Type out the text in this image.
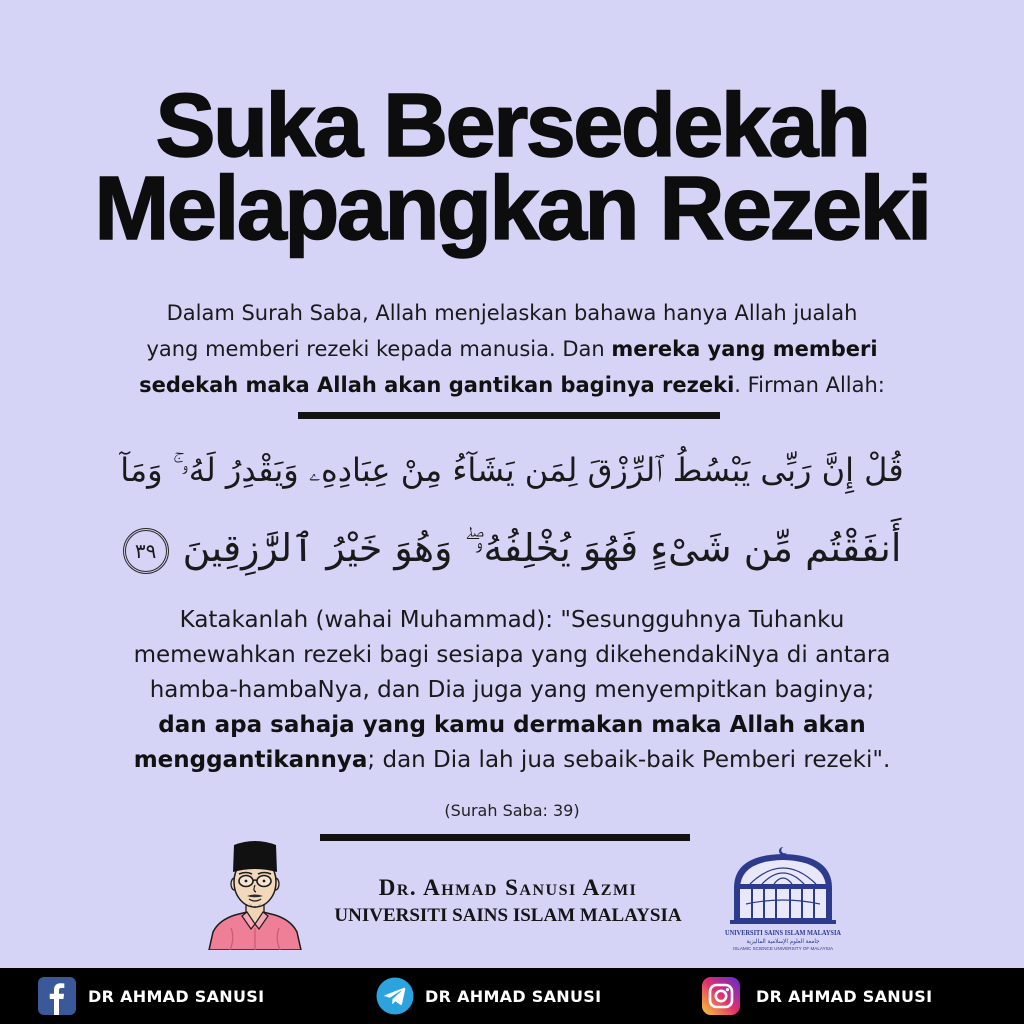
Suka Bersedekah
Melapangkan Rezeki
Dalam Surah Saba, Allah menjelaskan bahawa hanya Allah jualah
yang memberi rezeki kepada manusia. Dan mereka yang memberi
sedekah maka Allah akan gantikan baginya rezeki. Firman Allah:
قُلْ إِنَّ رَبِّى يَبْسُطُ ٱلرِّزْقَ لِمَن يَشَآءُ مِنْ عِبَادِهِۦ وَيَقْدِرُ لَهُۥ ۚ وَمَآ
أَنفَقْتُم مِّن شَىْءٍ فَهُوَ يُخْلِفُهُۥ ۖ وَهُوَ خَيْرُ ٱلرَّٰزِقِينَ٣٩
Katakanlah (wahai Muhammad): "Sesungguhnya Tuhanku
memewahkan rezeki bagi sesiapa yang dikehendakiNya di antara
hamba-hambaNya, dan Dia juga yang menyempitkan baginya;
dan apa sahaja yang kamu dermakan maka Allah akan
menggantikannya; dan Dia lah jua sebaik-baik Pemberi rezeki".
(Surah Saba: 39)
Dr. Ahmad Sanusi Azmi
UNIVERSITI SAINS ISLAM MALAYSIA
UNIVERSITI SAINS ISLAM MALAYSIA
جامعة العلوم الإسلامية الماليزية
ISLAMIC SCIENCE UNIVERSITY OF MALAYSIA
DR AHMAD SANUSI	DR AHMAD SANUSI	DR AHMAD SANUSI
